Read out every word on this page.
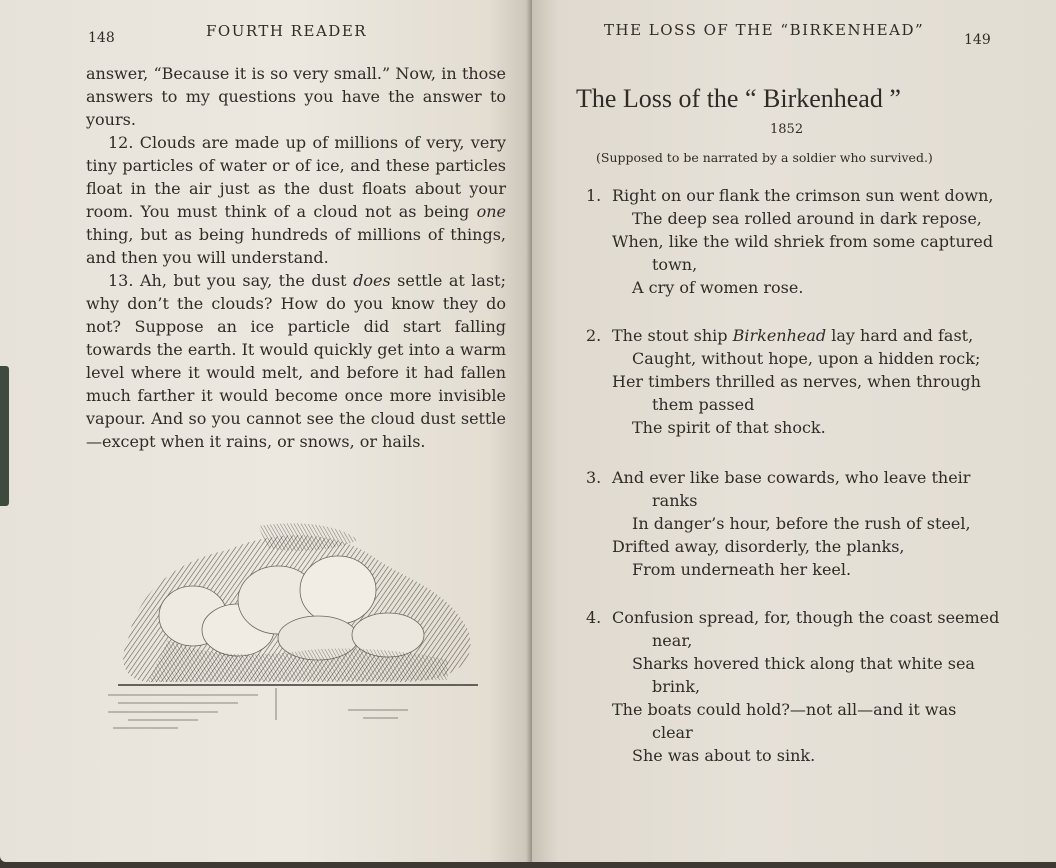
148	FOURTH READER

answer, “Because it is so very small.” Now, in those answers to my questions you have the answer to yours.

12. Clouds are made up of millions of very, very tiny particles of water or of ice, and these particles float in the air just as the dust floats about your room. You must think of a cloud not as being one thing, but as being hundreds of millions of things, and then you will understand.

13. Ah, but you say, the dust does settle at last; why don’t the clouds? How do you know they do not? Suppose an ice particle did start falling towards the earth. It would quickly get into a warm level where it would melt, and before it had fallen much farther it would become once more invisible vapour. And so you cannot see the cloud dust settle—except when it rains, or snows, or hails.

THE LOSS OF THE “BIRKENHEAD”
149
The Loss of the “ Birkenhead ”
1852
(Supposed to be narrated by a soldier who survived.)
1. Right on our flank the crimson sun went down,
The deep sea rolled around in dark repose,
When, like the wild shriek from some captured
town,
A cry of women rose.
2. The stout ship Birkenhead lay hard and fast,
Caught, without hope, upon a hidden rock;
Her timbers thrilled as nerves, when through
them passed
The spirit of that shock.
3. And ever like base cowards, who leave their
ranks
In danger’s hour, before the rush of steel,
Drifted away, disorderly, the planks,
From underneath her keel.
4. Confusion spread, for, though the coast seemed
near,
Sharks hovered thick along that white sea
brink,
The boats could hold?—not all—and it was
clear
She was about to sink.
